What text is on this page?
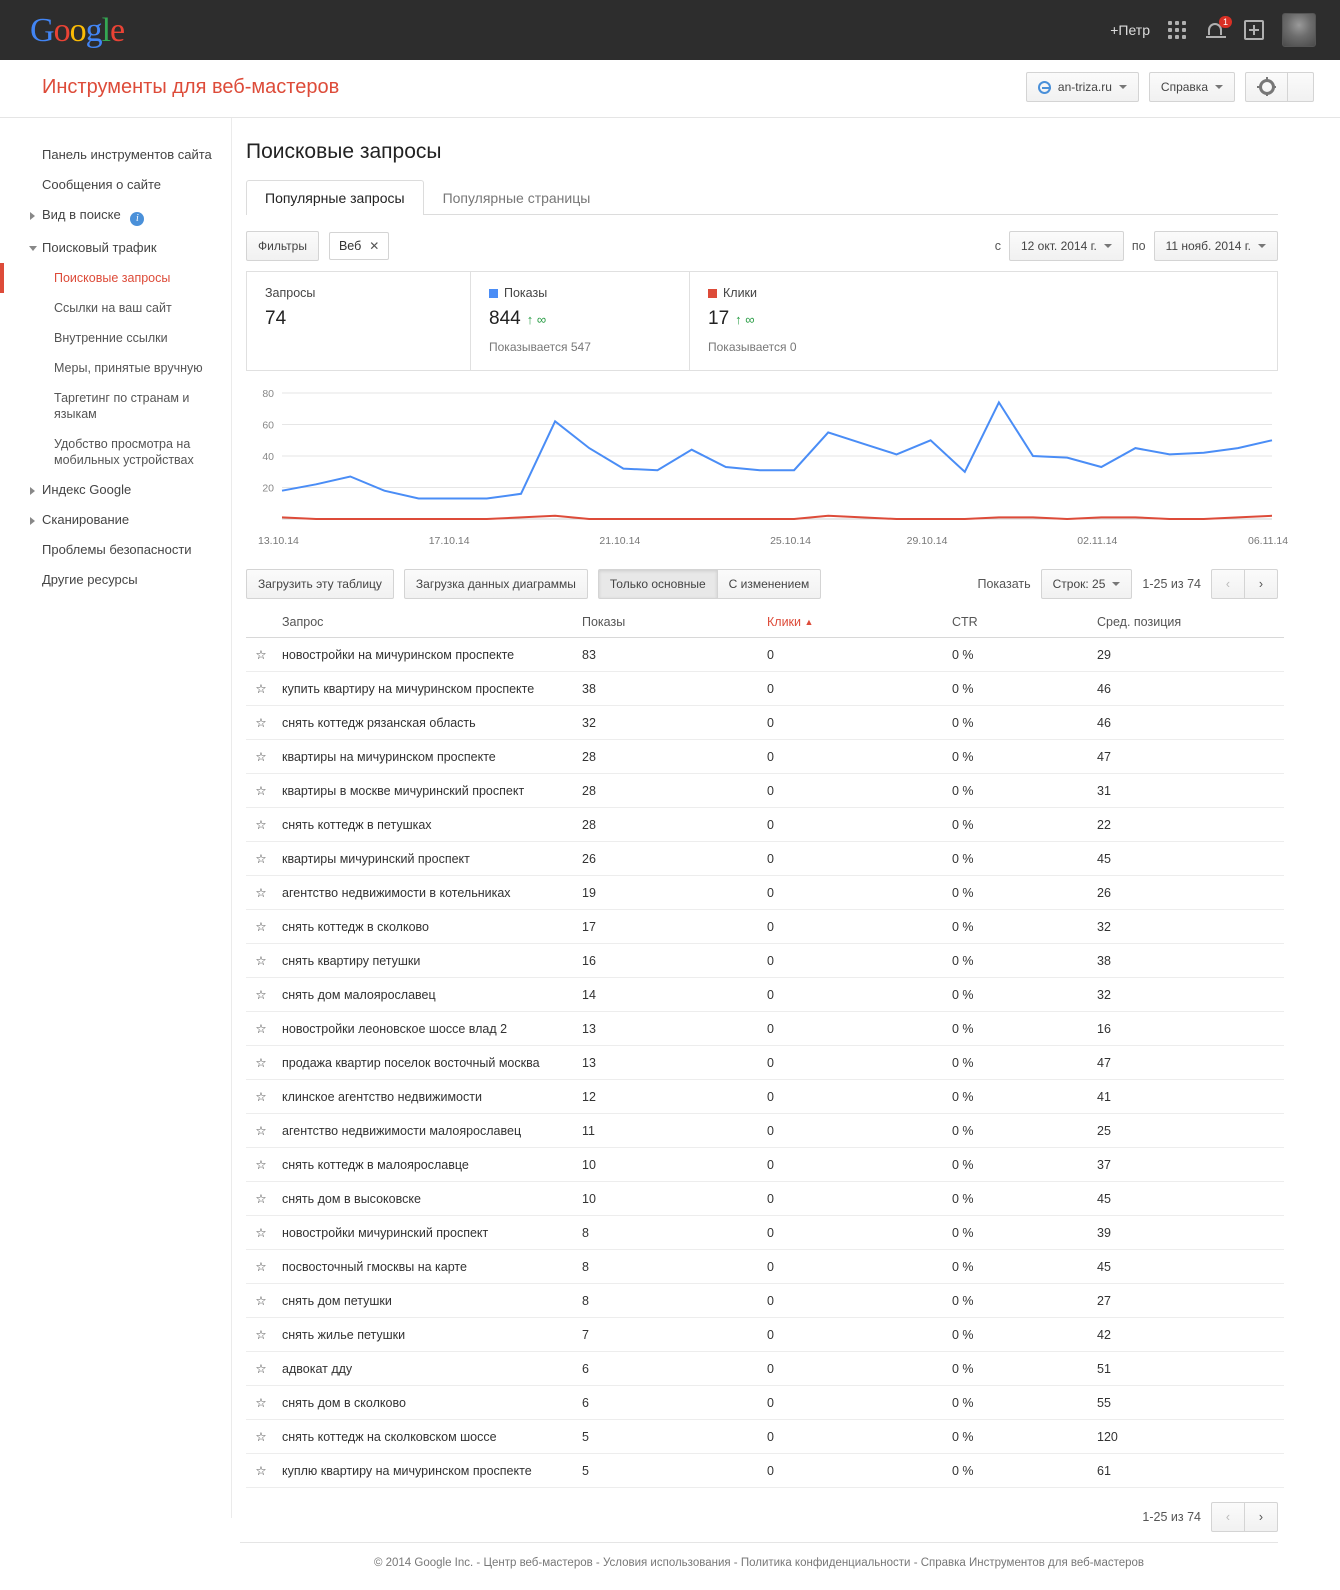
Google	+Петр	1
Инструменты для веб-мастеров	an-triza.ru	Справка
Панель инструментов сайта
Сообщения о сайте
Вид в поиске i
Поисковый трафик
Поисковые запросы
Ссылки на ваш сайт
Внутренние ссылки
Меры, принятые вручную
Таргетинг по странам и языкам
Удобство просмотра на мобильных устройствах
Индекс Google
Сканирование
Проблемы безопасности
Другие ресурсы
Поисковые запросы
Популярные запросы	Популярные страницы
Фильтры	Веб ✕	с 12 окт. 2014 г.	по 11 нояб. 2014 г.
Запросы
74
Показы
844 ↑ ∞
Показывается 547
Клики
17 ↑ ∞
Показывается 0
20
40
60
80
13.10.14	17.10.14	21.10.14	25.10.14	29.10.14	02.11.14	06.11.14
Загрузить эту таблицу	Загрузка данных диаграммы	Только основные С изменением	Показать Строк: 25	1-25 из 74	‹	›
	Запрос	Показы	Клики ▲	CTR	Сред. позиция
☆	новостройки на мичуринском проспекте	83	0	0 %	29
☆	купить квартиру на мичуринском проспекте	38	0	0 %	46
☆	снять коттедж рязанская область	32	0	0 %	46
☆	квартиры на мичуринском проспекте	28	0	0 %	47
☆	квартиры в москве мичуринский проспект	28	0	0 %	31
☆	снять коттедж в петушках	28	0	0 %	22
☆	квартиры мичуринский проспект	26	0	0 %	45
☆	агентство недвижимости в котельниках	19	0	0 %	26
☆	снять коттедж в сколково	17	0	0 %	32
☆	снять квартиру петушки	16	0	0 %	38
☆	снять дом малоярославец	14	0	0 %	32
☆	новостройки леоновское шоссе влад 2	13	0	0 %	16
☆	продажа квартир поселок восточный москва	13	0	0 %	47
☆	клинское агентство недвижимости	12	0	0 %	41
☆	агентство недвижимости малоярославец	11	0	0 %	25
☆	снять коттедж в малоярославце	10	0	0 %	37
☆	снять дом в высоковске	10	0	0 %	45
☆	новостройки мичуринский проспект	8	0	0 %	39
☆	посвосточный гмосквы на карте	8	0	0 %	45
☆	снять дом петушки	8	0	0 %	27
☆	снять жилье петушки	7	0	0 %	42
☆	адвокат дду	6	0	0 %	51
☆	снять дом в сколково	6	0	0 %	55
☆	снять коттедж на сколковском шоссе	5	0	0 %	120
☆	куплю квартиру на мичуринском проспекте	5	0	0 %	61
1-25 из 74	‹	›
© 2014 Google Inc. - Центр веб-мастеров - Условия использования - Политика конфиденциальности - Справка Инструментов для веб-мастеров
